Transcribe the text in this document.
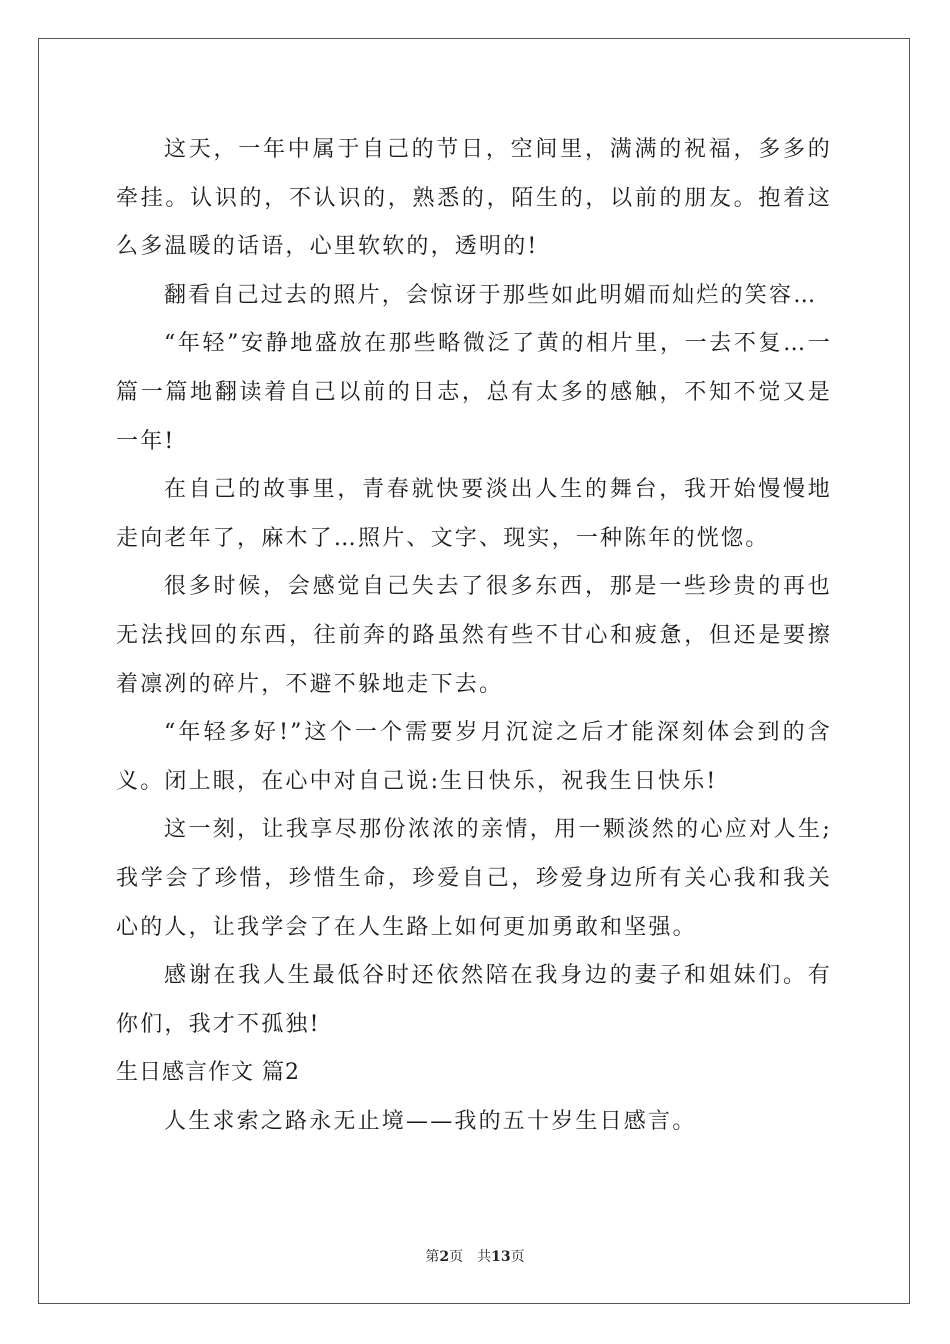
这天，一年中属于自己的节日，空间里，满满的祝福，多多的牵挂。认识的，不认识的，熟悉的，陌生的，以前的朋友。抱着这么多温暖的话语，心里软软的，透明的!

翻看自己过去的照片，会惊讶于那些如此明媚而灿烂的笑容…

“年轻”安静地盛放在那些略微泛了黄的相片里，一去不复…一篇一篇地翻读着自己以前的日志，总有太多的感触，不知不觉又是一年!

在自己的故事里，青春就快要淡出人生的舞台，我开始慢慢地走向老年了，麻木了…照片、文字、现实，一种陈年的恍惚。

很多时候，会感觉自己失去了很多东西，那是一些珍贵的再也无法找回的东西，往前奔的路虽然有些不甘心和疲惫，但还是要擦着凛冽的碎片，不避不躲地走下去。

“年轻多好!”这个一个需要岁月沉淀之后才能深刻体会到的含义。闭上眼，在心中对自己说:生日快乐，祝我生日快乐!

这一刻，让我享尽那份浓浓的亲情，用一颗淡然的心应对人生;我学会了珍惜，珍惜生命，珍爱自己，珍爱身边所有关心我和我关心的人，让我学会了在人生路上如何更加勇敢和坚强。

感谢在我人生最低谷时还依然陪在我身边的妻子和姐妹们。有你们，我才不孤独!

生日感言作文 篇2

人生求索之路永无止境——我的五十岁生日感言。

第2页　共13页
